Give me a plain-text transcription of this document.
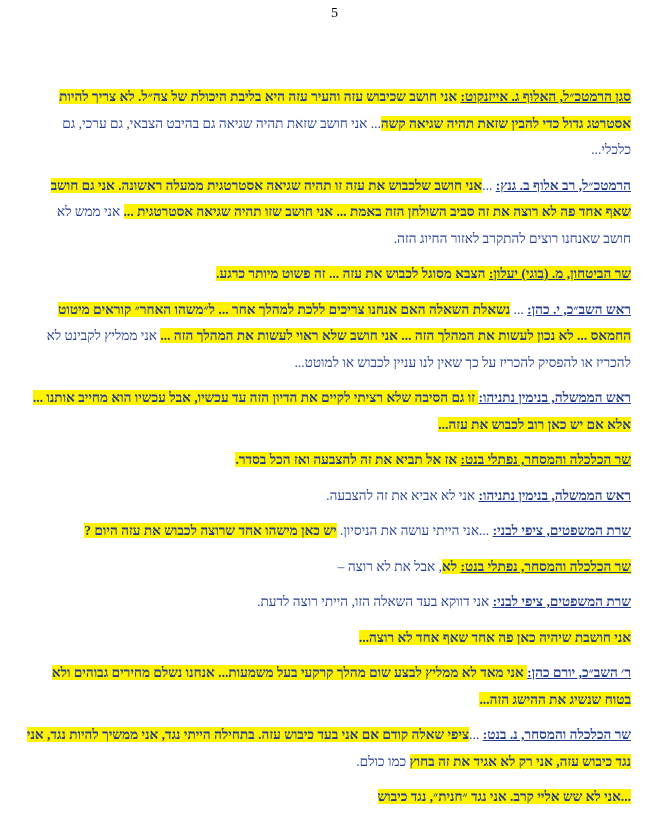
5

סגן הרמטכ״ל, האלוף ג. אייזנקוט: אני חושב שכיבוש עזה והעיר עזה היא בליבת היכולת של צה״ל. לא צריך להיות אסטרטג גדול כדי להבין שזאת תהיה שגיאה קשה... אני חושב שזאת תהיה שגיאה גם בהיבט הצבאי, גם ערכי, גם כלכלי...

הרמטכ״ל, רב אלוף ב. גנץ: ...אני חושב שלכבוש את עזה זו תהיה שגיאה אסטרטגית ממעלה ראשונה. אני גם חושב שאף אחד פה לא רוצה את זה סביב השולחן הזה באמת ... אני חושב שזו תהיה שגיאה אסטרטגית ... אני ממש לא חושב שאנחנו רוצים להתקרב לאזור החיוג הזה.

שר הביטחון, מ. (בוגי) יעלון: הצבא מסוגל לכבוש את עזה ... זה פשוט מיותר כרגע.

ראש השב״כ, י. כהן: ... נשאלת השאלה האם אנחנו צריכים ללכת למהלך אחר ... ל״משהו האחר״ קוראים מיטוט החמאס ... לא נכון לעשות את המהלך הזה ... אני חושב שלא ראוי לעשות את המהלך הזה ... אני ממליץ לקבינט לא להכריז או להפסיק להכריז על כך שאין לנו עניין לכבוש או למוטט...

ראש הממשלה, בנימין נתניהו: זו גם הסיבה שלא רציתי לקיים את הדיון הזה עד עכשיו, אבל עכשיו הוא מחייב אותנו ... אלא אם יש כאן רוב לכבוש את עזה...

שר הכלכלה והמסחר, נפתלי בנט: אז אל תביא את זה להצבעה ואז הכל בסדר.

ראש הממשלה, בנימין נתניהו: אני לא אביא את זה להצבעה.

שרת המשפטים, ציפי לבני: ...אני הייתי עושה את הניסיון. יש כאן מישהו אחד שרוצה לכבוש את עזה היום ?

שר הכלכלה והמסחר, נפתלי בנט: לא, אבל את לא רוצה –

שרת המשפטים, ציפי לבני: אני דווקא בעד השאלה הזו, הייתי רוצה לדעת.

אני חושבת שיהיה כאן פה אחד שאף אחד לא רוצה...

ר׳ השב״כ, יורם כהן: אני מאד לא ממליץ לבצע שום מהלך קרקעי בעל משמעות... אנחנו נשלם מחירים גבוהים ולא בטוח שנשיג את ההישג הזה...

שר הכלכלה והמסחר, נ. בנט: ...ציפי שאלה קודם אם אני בעד כיבוש עזה. בתחילה הייתי נגד, אני ממשיך להיות נגד, אני נגד כיבוש עזה, אני רק לא אגיד את זה בחוץ כמו כולם.

...אני לא שש אליי קרב. אני נגד ״חנית״, נגד כיבוש
